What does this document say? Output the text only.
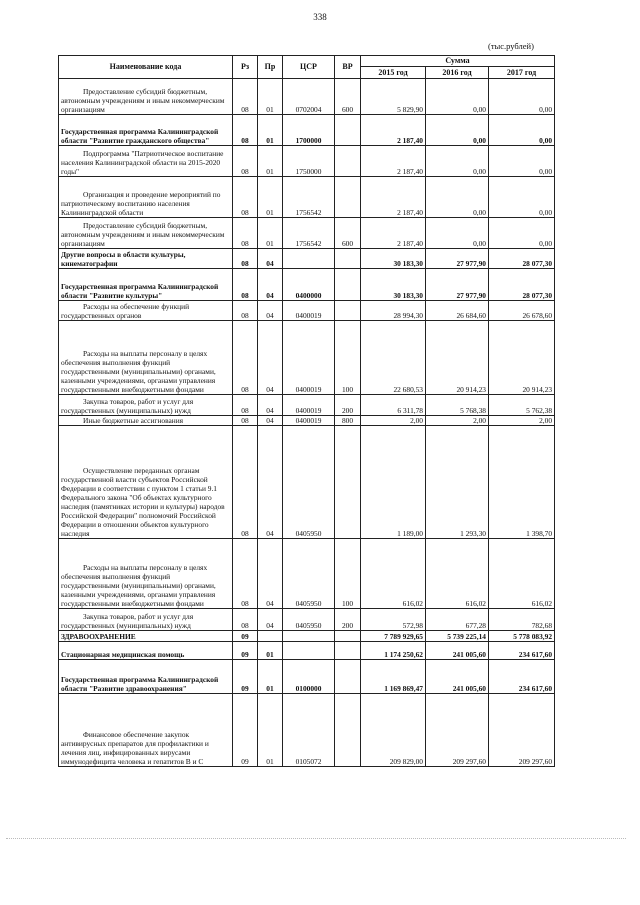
338
(тыс.рублей)
Наименование кода	Рз	Пр	ЦСР	ВР	Сумма		
					2015 год	2016 год	2017 год
Предоставление субсидий бюджетным, автономным учреждениям и иным некоммерческим организациям	08	01	0702004	600	5 829,90	0,00	0,00
Государственная программа Калининградской области "Развитие гражданского общества"	08	01	1700000		2 187,40	0,00	0,00
Подпрограмма "Патриотическое воспитание населения Калининградской области на 2015-2020 годы"	08	01	1750000		2 187,40	0,00	0,00
Организация и проведение мероприятий по патриотическому воспитанию населения Калининградской области	08	01	1756542		2 187,40	0,00	0,00
Предоставление субсидий бюджетным, автономным учреждениям и иным некоммерческим организациям	08	01	1756542	600	2 187,40	0,00	0,00
Другие вопросы в области культуры, кинематографии	08	04			30 183,30	27 977,90	28 077,30
Государственная программа Калининградской области "Развитие культуры"	08	04	0400000		30 183,30	27 977,90	28 077,30
Расходы на обеспечение функций государственных органов	08	04	0400019		28 994,30	26 684,60	26 678,60
Расходы на выплаты персоналу в целях обеспечения выполнения функций государственными (муниципальными) органами, казенными учреждениями, органами управления государственными внебюджетными фондами	08	04	0400019	100	22 680,53	20 914,23	20 914,23
Закупка товаров, работ и услуг для государственных (муниципальных) нужд	08	04	0400019	200	6 311,78	5 768,38	5 762,38
Иные бюджетные ассигнования	08	04	0400019	800	2,00	2,00	2,00
Осуществление переданных органам государственной власти субъектов Российской Федерации в соответствии с пунктом 1 статьи 9.1 Федерального закона "Об объектах культурного наследия (памятниках истории и культуры) народов Российской Федерации" полномочий Российской Федерации в отношении объектов культурного наследия	08	04	0405950		1 189,00	1 293,30	1 398,70
Расходы на выплаты персоналу в целях обеспечения выполнения функций государственными (муниципальными) органами, казенными учреждениями, органами управления государственными внебюджетными фондами	08	04	0405950	100	616,02	616,02	616,02
Закупка товаров, работ и услуг для государственных (муниципальных) нужд	08	04	0405950	200	572,98	677,28	782,68
ЗДРАВООХРАНЕНИЕ	09				7 789 929,65	5 739 225,14	5 778 083,92
Стационарная медицинская помощь	09	01			1 174 250,62	241 005,60	234 617,60
Государственная программа Калининградской области "Развитие здравоохранения"	09	01	0100000		1 169 869,47	241 005,60	234 617,60
Финансовое обеспечение закупок антивирусных препаратов для профилактики и лечения лиц, инфицированных вирусами иммунодефицита человека и гепатитов В и С	09	01	0105072		209 829,00	209 297,60	209 297,60
